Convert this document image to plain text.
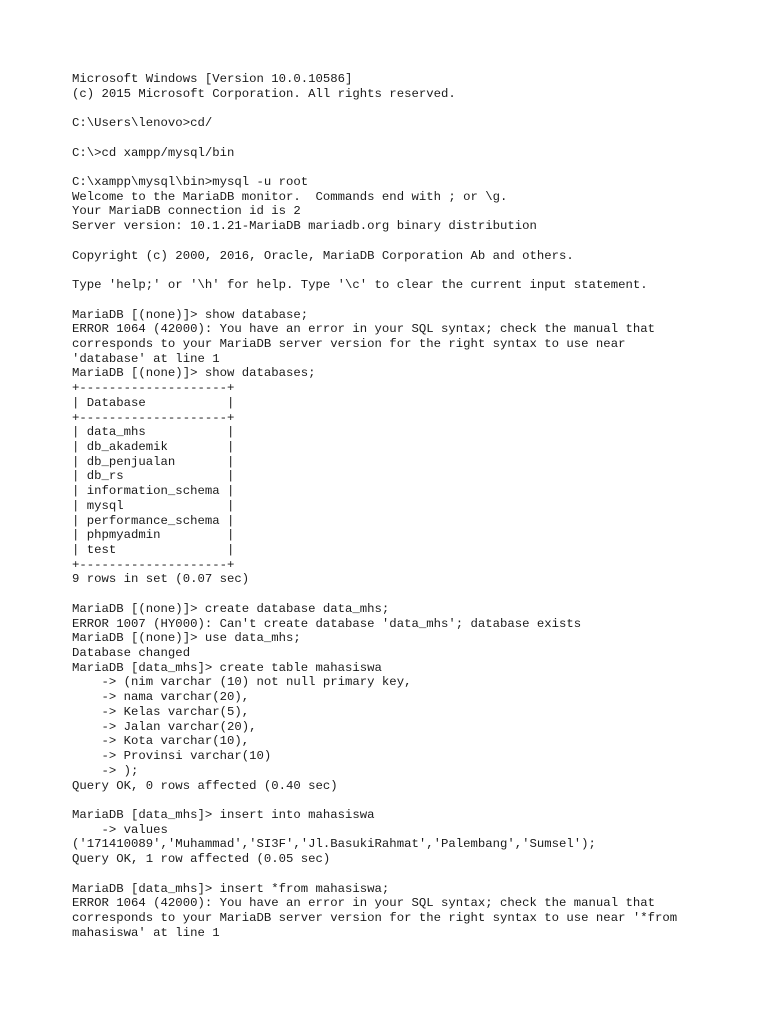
Microsoft Windows [Version 10.0.10586]
(c) 2015 Microsoft Corporation. All rights reserved.
C:\Users\lenovo>cd/
C:\>cd xampp/mysql/bin
C:\xampp\mysql\bin>mysql -u root
Welcome to the MariaDB monitor.  Commands end with ; or \g.
Your MariaDB connection id is 2
Server version: 10.1.21-MariaDB mariadb.org binary distribution
Copyright (c) 2000, 2016, Oracle, MariaDB Corporation Ab and others.
Type 'help;' or '\h' for help. Type '\c' to clear the current input statement.
MariaDB [(none)]> show database;
ERROR 1064 (42000): You have an error in your SQL syntax; check the manual that
corresponds to your MariaDB server version for the right syntax to use near
'database' at line 1
MariaDB [(none)]> show databases;
+--------------------+
| Database           |
+--------------------+
| data_mhs           |
| db_akademik        |
| db_penjualan       |
| db_rs              |
| information_schema |
| mysql              |
| performance_schema |
| phpmyadmin         |
| test               |
+--------------------+
9 rows in set (0.07 sec)
MariaDB [(none)]> create database data_mhs;
ERROR 1007 (HY000): Can't create database 'data_mhs'; database exists
MariaDB [(none)]> use data_mhs;
Database changed
MariaDB [data_mhs]> create table mahasiswa
-> (nim varchar (10) not null primary key,
-> nama varchar(20),
-> Kelas varchar(5),
-> Jalan varchar(20),
-> Kota varchar(10),
-> Provinsi varchar(10)
-> );
Query OK, 0 rows affected (0.40 sec)
MariaDB [data_mhs]> insert into mahasiswa
-> values
('171410089','Muhammad','SI3F','Jl.BasukiRahmat','Palembang','Sumsel');
Query OK, 1 row affected (0.05 sec)
MariaDB [data_mhs]> insert *from mahasiswa;
ERROR 1064 (42000): You have an error in your SQL syntax; check the manual that
corresponds to your MariaDB server version for the right syntax to use near '*from
mahasiswa' at line 1
